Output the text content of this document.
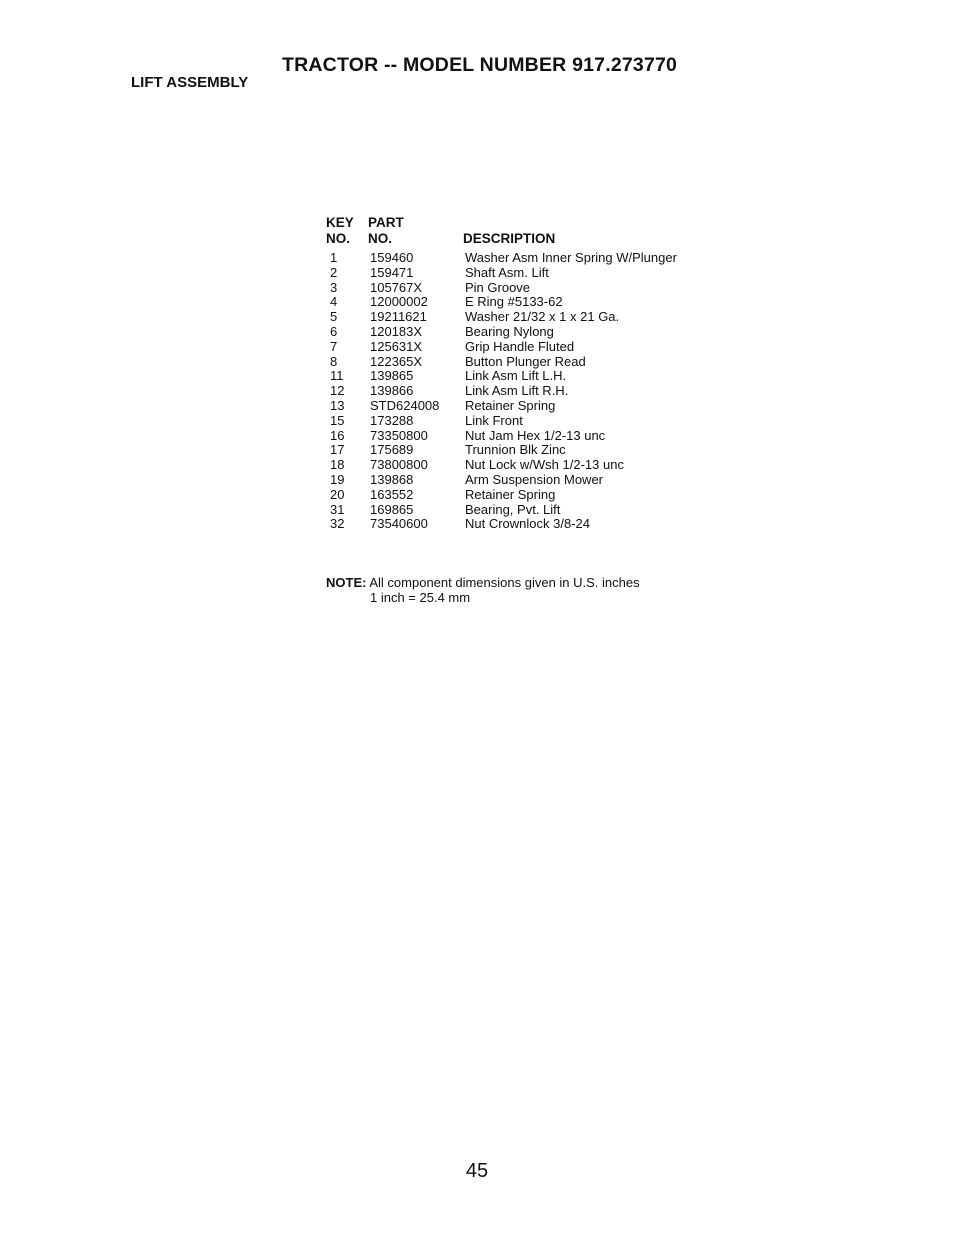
TRACTOR -- MODEL NUMBER 917.273770
LIFT ASSEMBLY
KEY	PART
NO.	NO.	DESCRIPTION
1	159460	Washer Asm Inner Spring W/Plunger
2	159471	Shaft Asm. Lift
3	105767X	Pin Groove
4	12000002	E Ring #5133-62
5	19211621	Washer 21/32 x 1 x 21 Ga.
6	120183X	Bearing Nylong
7	125631X	Grip Handle Fluted
8	122365X	Button Plunger Read
11	139865	Link Asm Lift L.H.
12	139866	Link Asm Lift R.H.
13	STD624008	Retainer Spring
15	173288	Link Front
16	73350800	Nut Jam Hex 1/2-13 unc
17	175689	Trunnion Blk Zinc
18	73800800	Nut Lock w/Wsh 1/2-13 unc
19	139868	Arm Suspension Mower
20	163552	Retainer Spring
31	169865	Bearing, Pvt. Lift
32	73540600	Nut Crownlock 3/8-24
NOTE: All component dimensions given in U.S. inches
1 inch = 25.4 mm
45
